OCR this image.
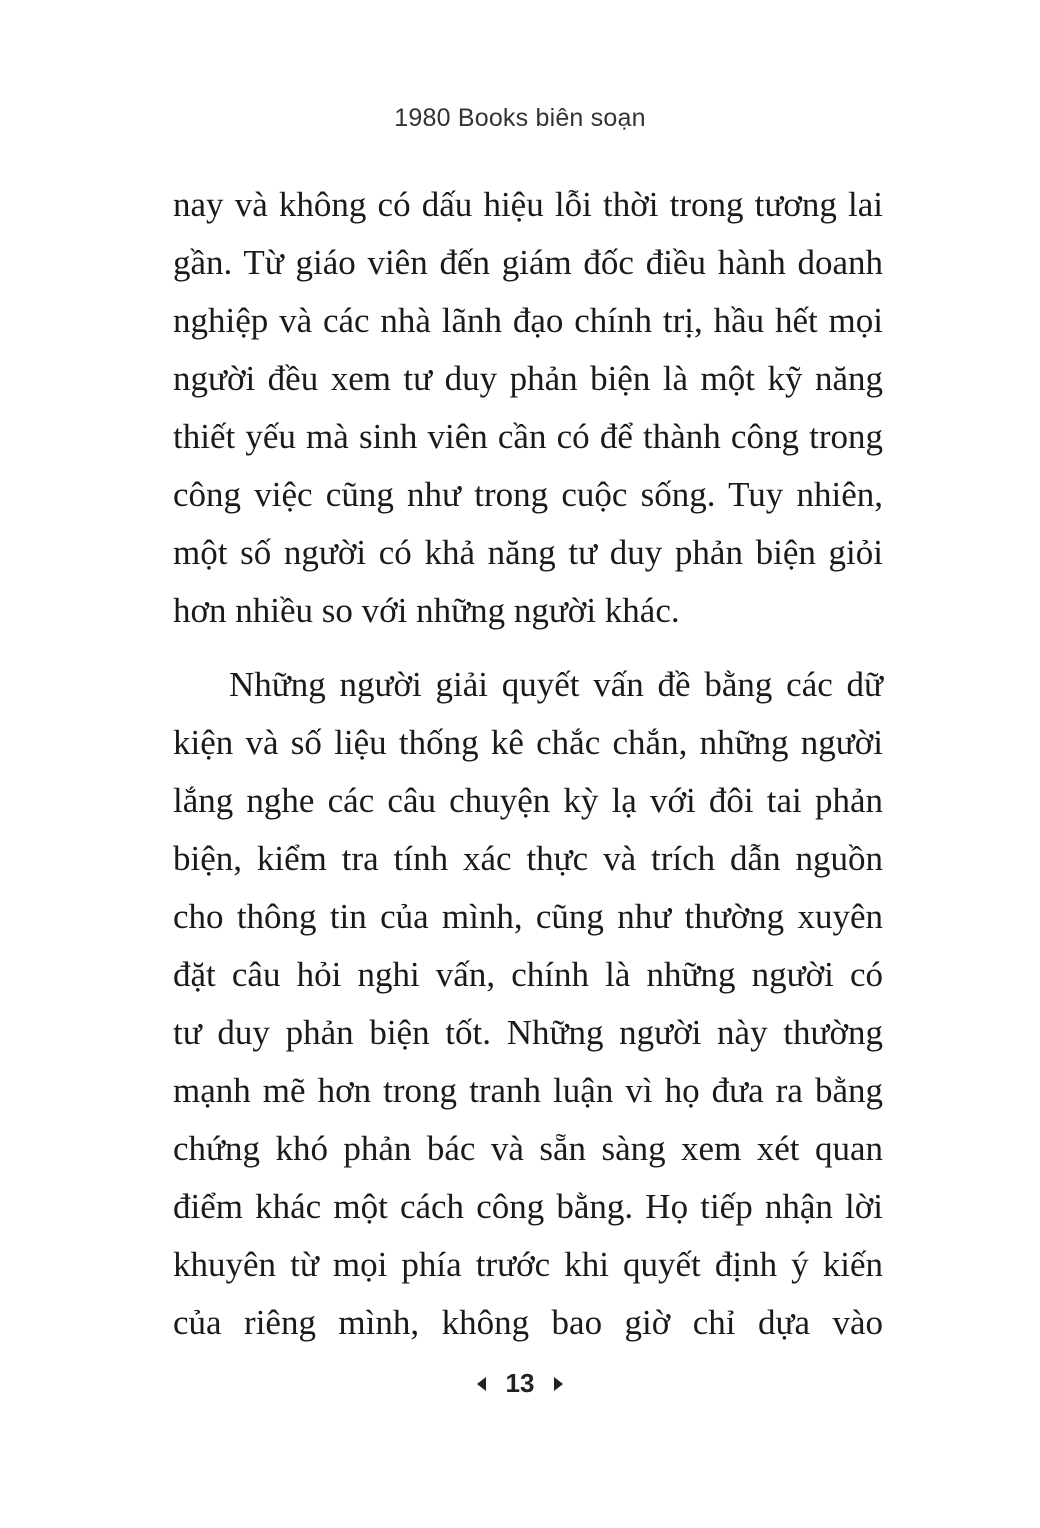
1980 Books biên soạn
nay và không có dấu hiệu lỗi thời trong tương lai
gần. Từ giáo viên đến giám đốc điều hành doanh
nghiệp và các nhà lãnh đạo chính trị, hầu hết mọi
người đều xem tư duy phản biện là một kỹ năng
thiết yếu mà sinh viên cần có để thành công trong
công việc cũng như trong cuộc sống. Tuy nhiên,
một số người có khả năng tư duy phản biện giỏi
hơn nhiều so với những người khác.
Những người giải quyết vấn đề bằng các dữ
kiện và số liệu thống kê chắc chắn, những người
lắng nghe các câu chuyện kỳ lạ với đôi tai phản
biện, kiểm tra tính xác thực và trích dẫn nguồn
cho thông tin của mình, cũng như thường xuyên
đặt câu hỏi nghi vấn, chính là những người có
tư duy phản biện tốt. Những người này thường
mạnh mẽ hơn trong tranh luận vì họ đưa ra bằng
chứng khó phản bác và sẵn sàng xem xét quan
điểm khác một cách công bằng. Họ tiếp nhận lời
khuyên từ mọi phía trước khi quyết định ý kiến
của riêng mình, không bao giờ chỉ dựa vào
13
